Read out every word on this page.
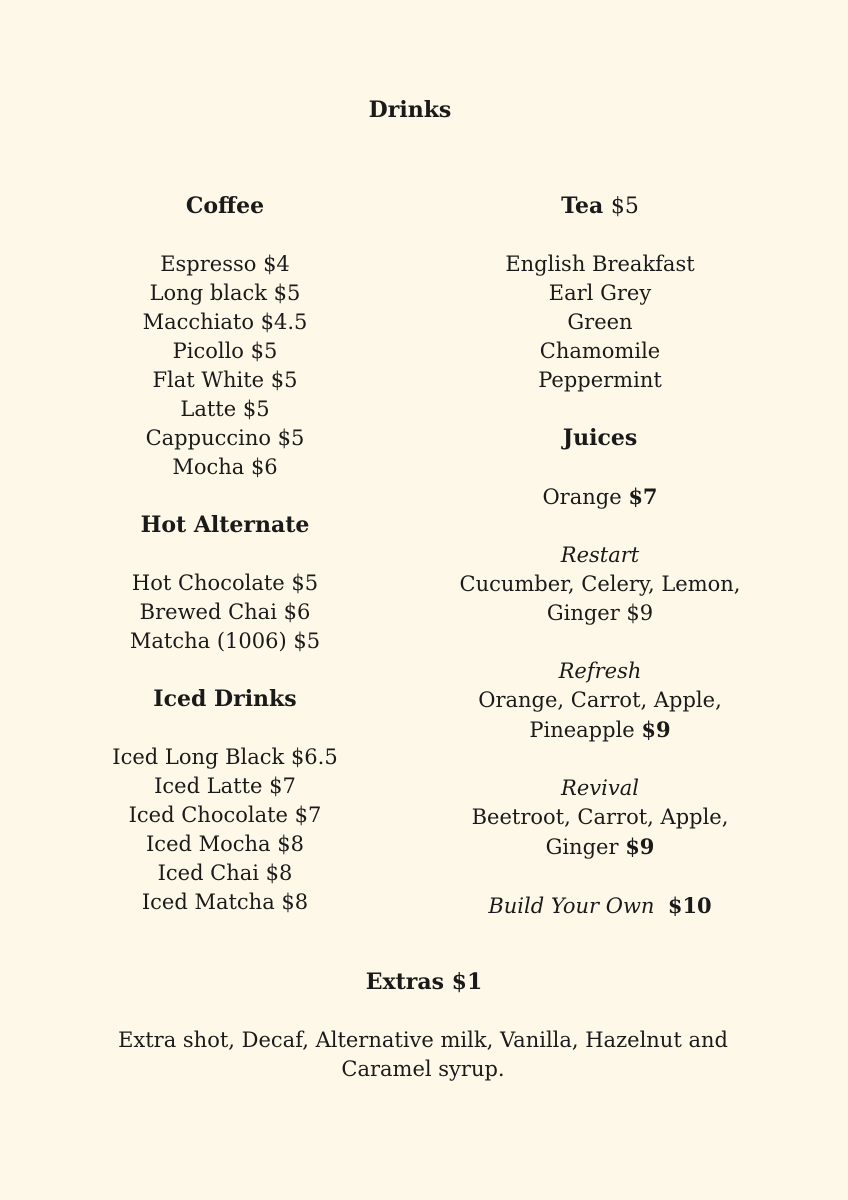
Drinks
Coffee
Espresso $4
Long black $5
Macchiato $4.5
Picollo $5
Flat White $5
Latte $5
Cappuccino $5
Mocha $6
Hot Alternate
Hot Chocolate $5
Brewed Chai $6
Matcha (1006) $5
Iced Drinks
Iced Long Black $6.5
Iced Latte $7
Iced Chocolate $7
Iced Mocha $8
Iced Chai $8
Iced Matcha $8
Tea $5
English Breakfast
Earl Grey
Green
Chamomile
Peppermint
Juices
Orange $7
Restart
Cucumber, Celery, Lemon,
Ginger $9
Refresh
Orange, Carrot, Apple,
Pineapple $9
Revival
Beetroot, Carrot, Apple,
Ginger $9
Build Your Own $10
Extras $1
Extra shot, Decaf, Alternative milk, Vanilla, Hazelnut and Caramel syrup.
